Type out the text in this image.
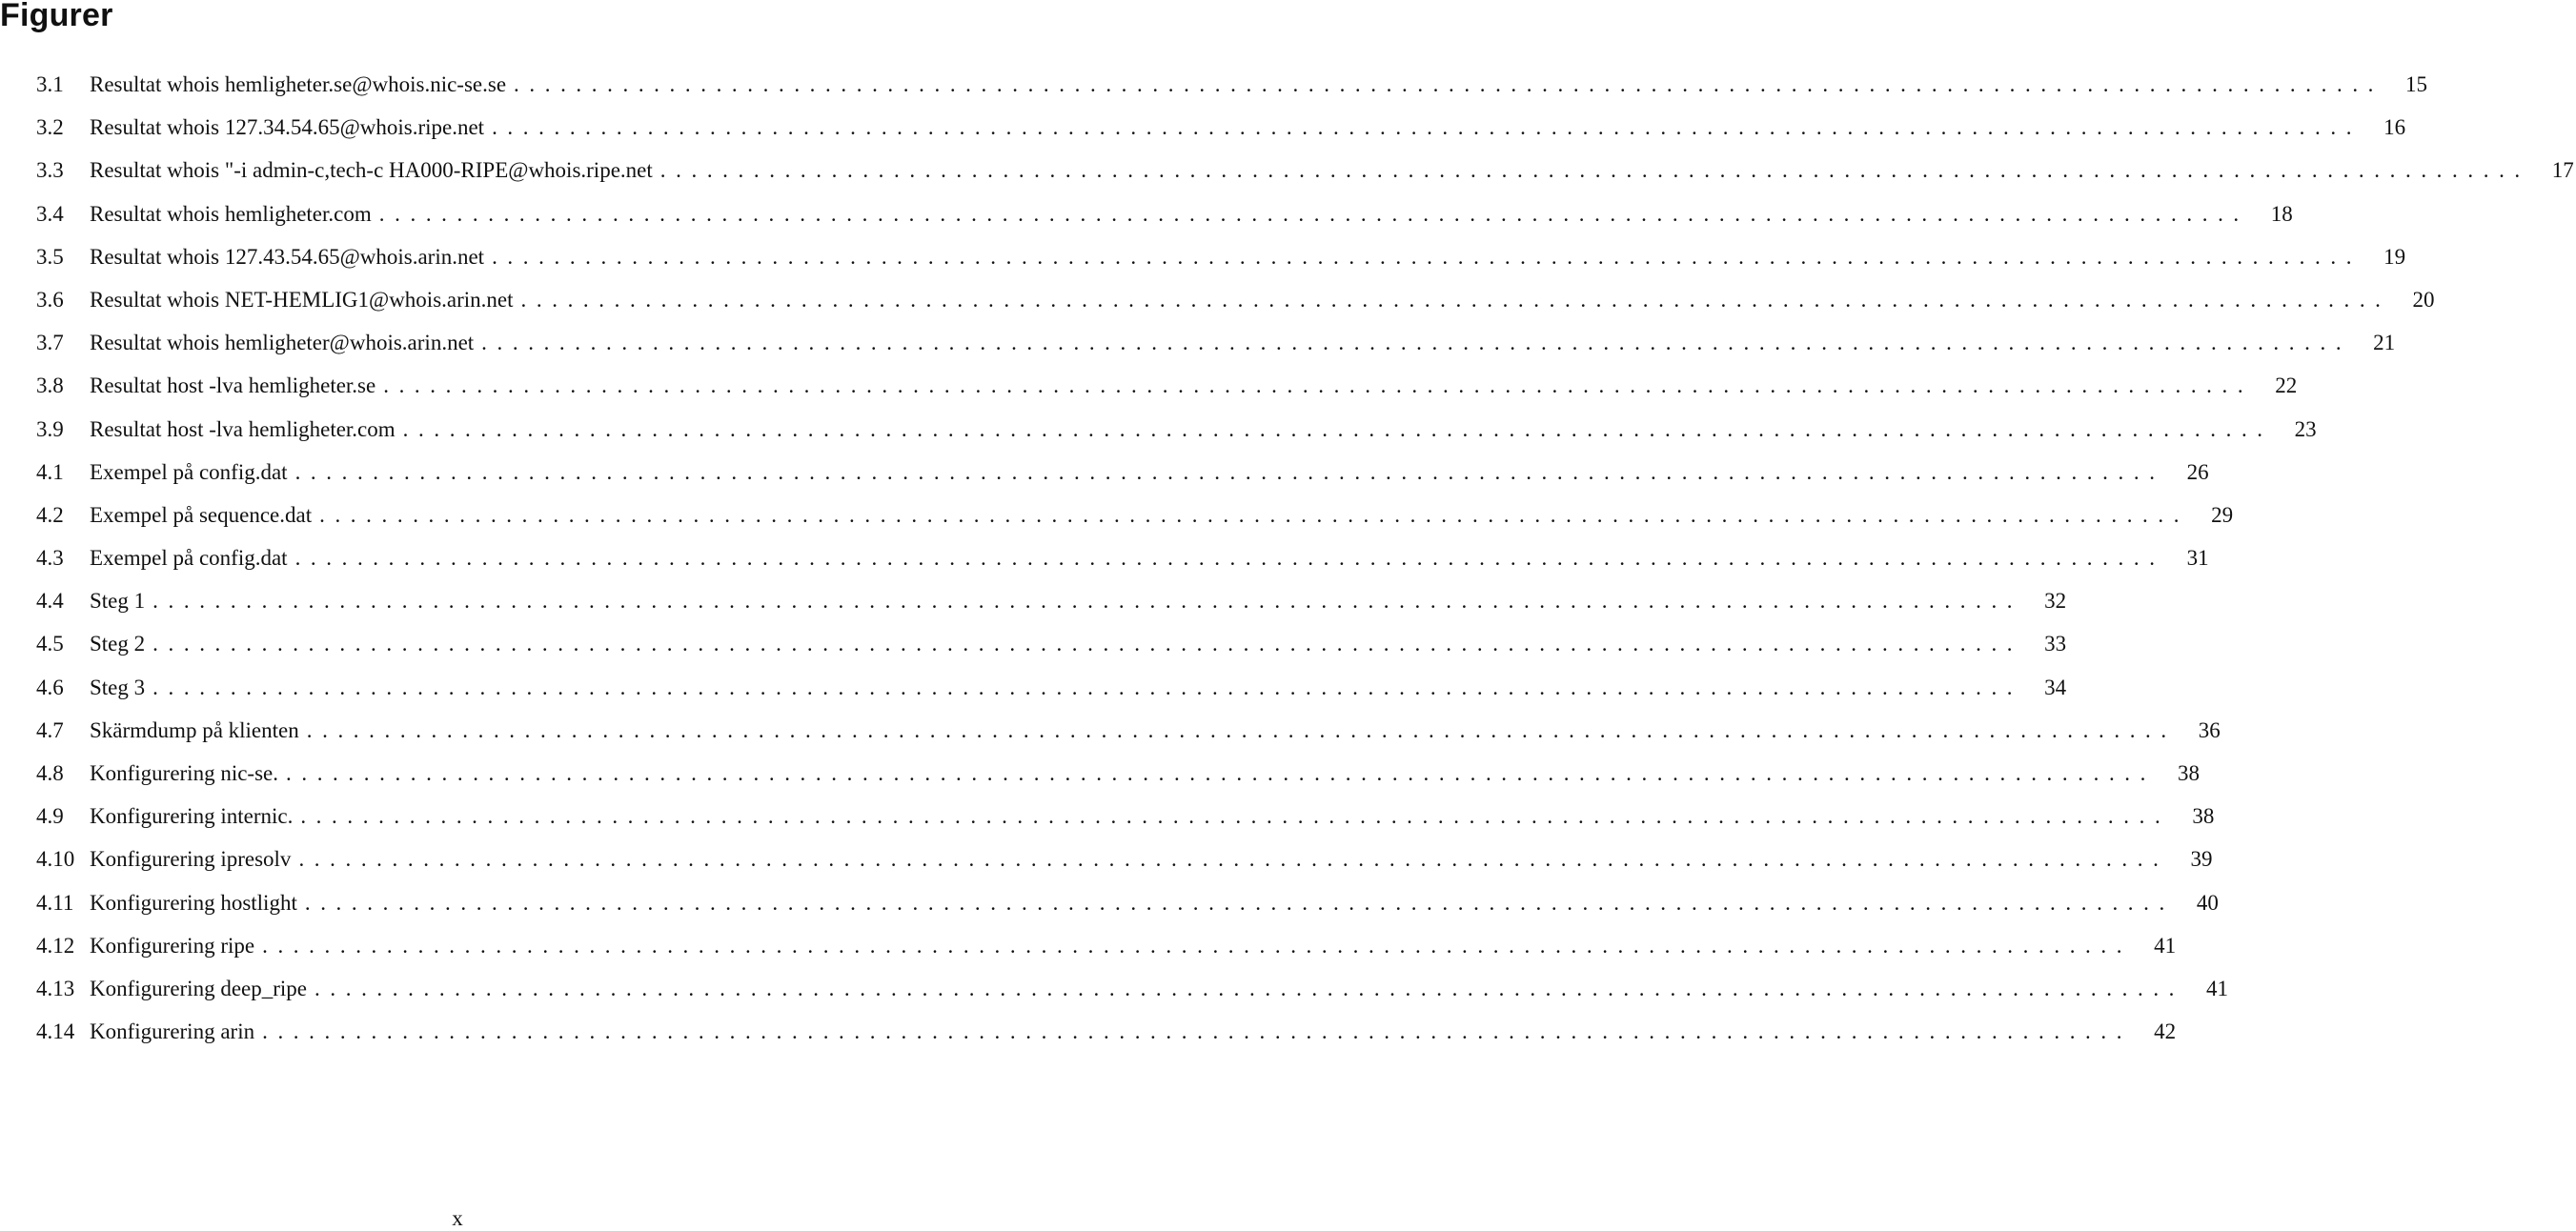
Figurer
3.1	Resultat whois hemligheter.se@whois.nic-se.se ........................................................................................................................	15
3.2	Resultat whois 127.34.54.65@whois.ripe.net ........................................................................................................................	16
3.3	Resultat whois "-i admin-c,tech-c HA000-RIPE@whois.ripe.net ........................................................................................................................	17
3.4	Resultat whois hemligheter.com ........................................................................................................................	18
3.5	Resultat whois 127.43.54.65@whois.arin.net ........................................................................................................................	19
3.6	Resultat whois NET-HEMLIG1@whois.arin.net ........................................................................................................................	20
3.7	Resultat whois hemligheter@whois.arin.net ........................................................................................................................	21
3.8	Resultat host -lva hemligheter.se ........................................................................................................................	22
3.9	Resultat host -lva hemligheter.com ........................................................................................................................	23
4.1	Exempel på config.dat ........................................................................................................................	26
4.2	Exempel på sequence.dat ........................................................................................................................	29
4.3	Exempel på config.dat ........................................................................................................................	31
4.4	Steg 1 ........................................................................................................................	32
4.5	Steg 2 ........................................................................................................................	33
4.6	Steg 3 ........................................................................................................................	34
4.7	Skärmdump på klienten ........................................................................................................................	36
4.8	Konfigurering nic-se. ........................................................................................................................	38
4.9	Konfigurering internic. ........................................................................................................................	38
4.10 Konfigurering ipresolv ........................................................................................................................	39
4.11 Konfigurering hostlight ........................................................................................................................	40
4.12 Konfigurering ripe ........................................................................................................................	41
4.13 Konfigurering deep_ripe ........................................................................................................................	41
4.14 Konfigurering arin ........................................................................................................................	42
x
